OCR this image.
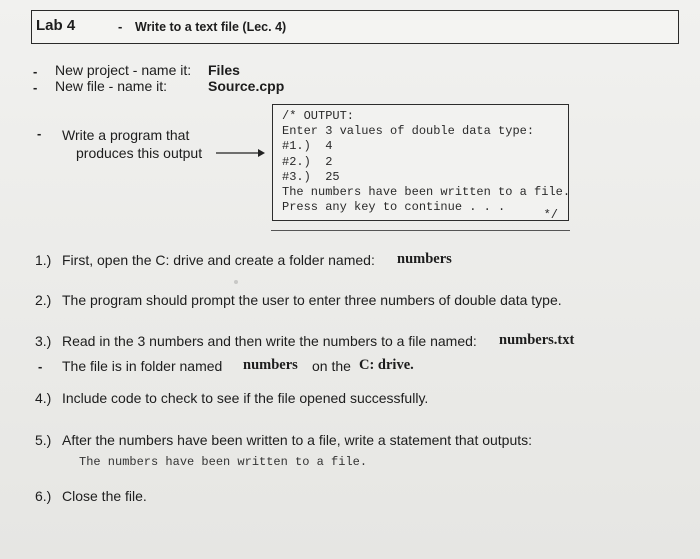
Lab 4	- Write to a text file (Lec. 4)
- New project - name it: Files
- New file - name it:	Source.cpp
- Write a program that
produces this output
/* OUTPUT:
Enter 3 values of double data type:
#1.)  4
#2.)  2
#3.)  25
The numbers have been written to a file.
Press any key to continue . . .
*/
1.) First, open the C: drive and create a folder named: numbers
2.) The program should prompt the user to enter three numbers of double data type.
3.) Read in the 3 numbers and then write the numbers to a file named: numbers.txt
- The file is in folder named numbers on the C: drive.
4.) Include code to check to see if the file opened successfully.
5.) After the numbers have been written to a file, write a statement that outputs:
The numbers have been written to a file.
6.) Close the file.
